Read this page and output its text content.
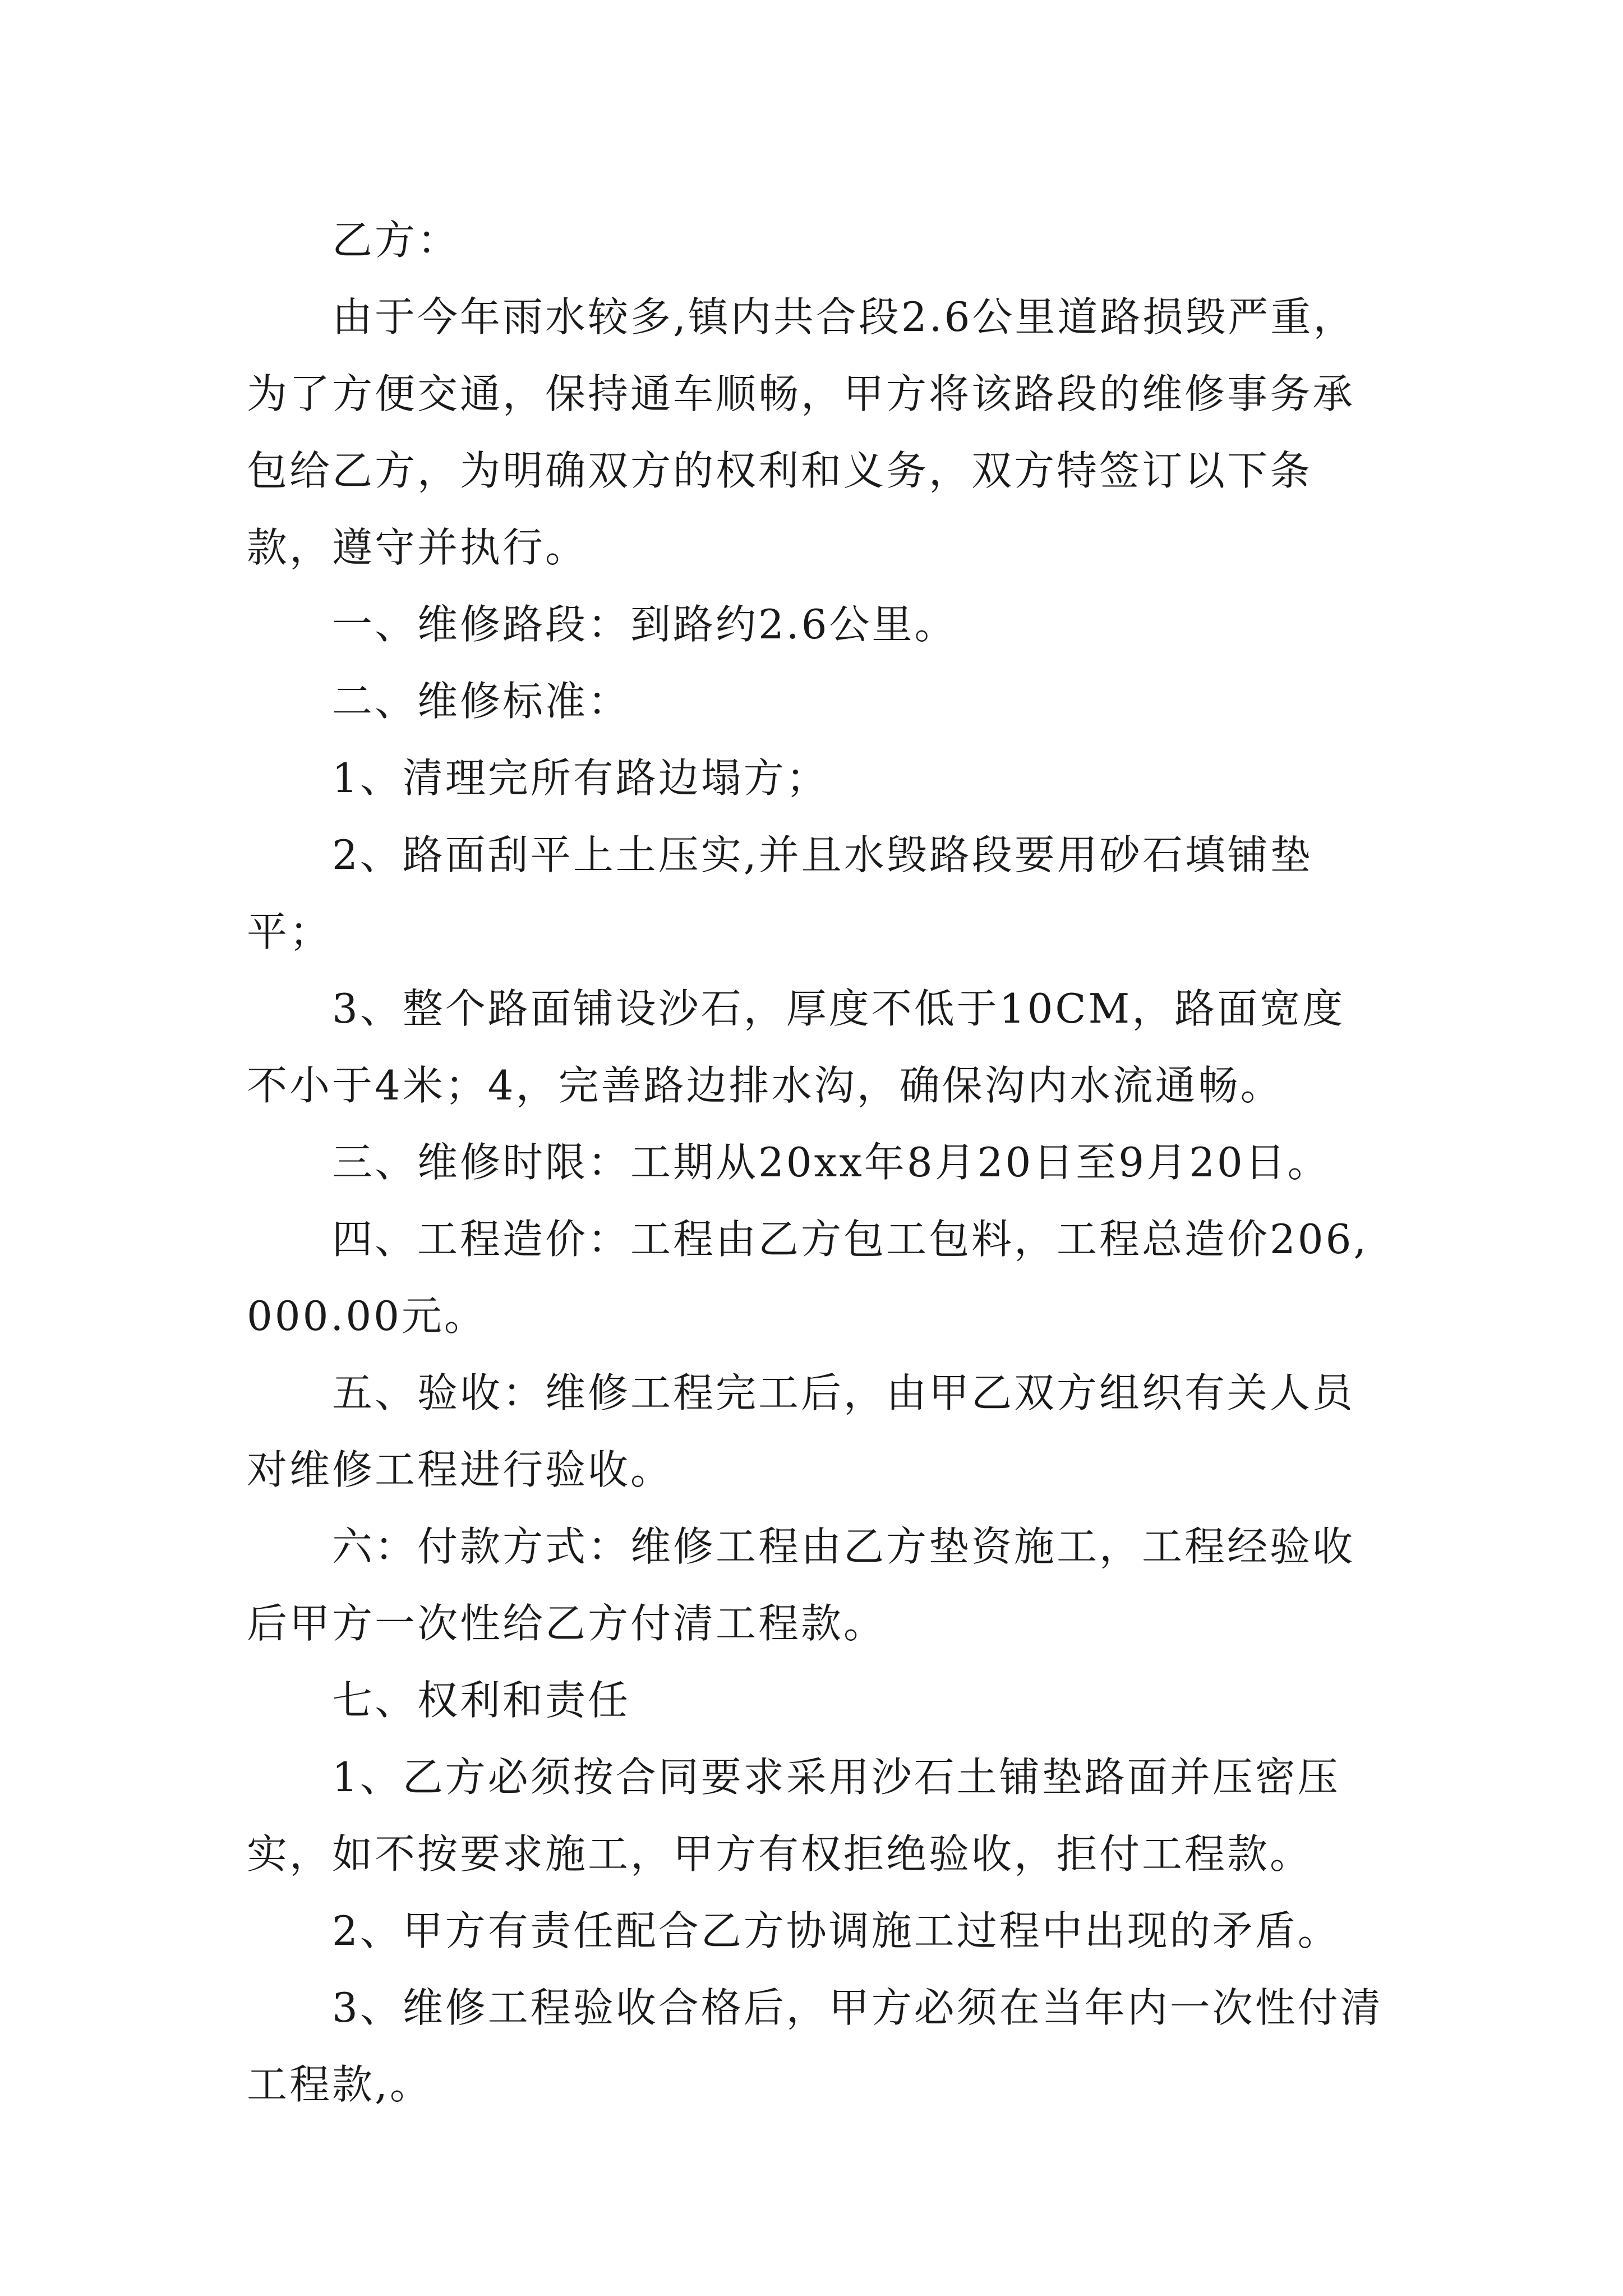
乙方：

由于今年雨水较多,镇内共合段2.6公里道路损毁严重，为了方便交通，保持通车顺畅，甲方将该路段的维修事务承包给乙方，为明确双方的权利和义务，双方特签订以下条款，遵守并执行。

一、维修路段：到路约2.6公里。

二、维修标准：

1、清理完所有路边塌方；

2、路面刮平上土压实,并且水毁路段要用砂石填铺垫平；

3、整个路面铺设沙石，厚度不低于10CM，路面宽度不小于4米；4，完善路边排水沟，确保沟内水流通畅。

三、维修时限：工期从20xx年8月20日至9月20日。

四、工程造价：工程由乙方包工包料，工程总造价206,000.00元。

五、验收：维修工程完工后，由甲乙双方组织有关人员对维修工程进行验收。

六：付款方式：维修工程由乙方垫资施工，工程经验收后甲方一次性给乙方付清工程款。

七、权利和责任

1、乙方必须按合同要求采用沙石土铺垫路面并压密压实，如不按要求施工，甲方有权拒绝验收，拒付工程款。

2、甲方有责任配合乙方协调施工过程中出现的矛盾。

3、维修工程验收合格后，甲方必须在当年内一次性付清工程款,。
